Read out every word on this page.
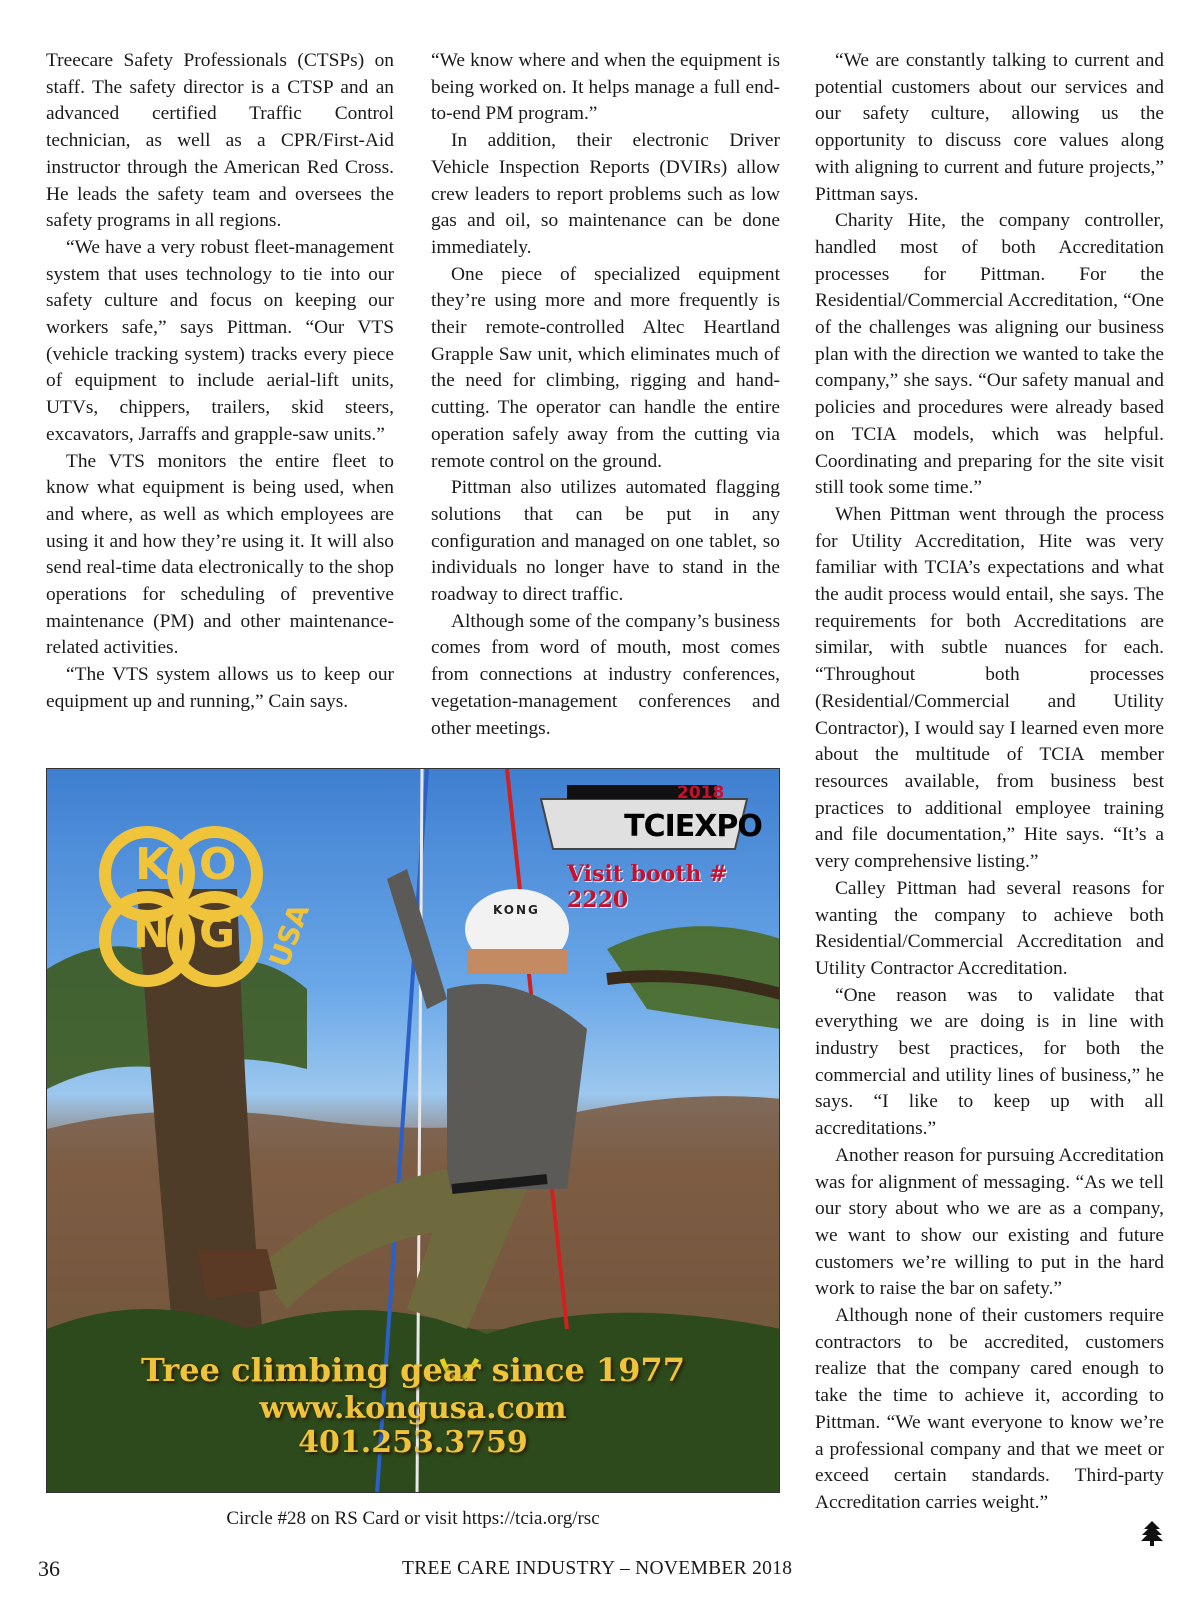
Treecare Safety Professionals (CTSPs) on staff. The safety director is a CTSP and an advanced certified Traffic Control technician, as well as a CPR/First-Aid instructor through the American Red Cross. He leads the safety team and oversees the safety programs in all regions.

“We have a very robust fleet-management system that uses technology to tie into our safety culture and focus on keeping our workers safe,” says Pittman. “Our VTS (vehicle tracking system) tracks every piece of equipment to include aerial-lift units, UTVs, chippers, trailers, skid steers, excavators, Jarraffs and grapple-saw units.”

The VTS monitors the entire fleet to know what equipment is being used, when and where, as well as which employees are using it and how they’re using it. It will also send real-time data electronically to the shop operations for scheduling of preventive maintenance (PM) and other maintenance-related activities.

“The VTS system allows us to keep our equipment up and running,” Cain says.

“We know where and when the equipment is being worked on. It helps manage a full end-to-end PM program.”

In addition, their electronic Driver Vehicle Inspection Reports (DVIRs) allow crew leaders to report problems such as low gas and oil, so maintenance can be done immediately.

One piece of specialized equipment they’re using more and more frequently is their remote-controlled Altec Heartland Grapple Saw unit, which eliminates much of the need for climbing, rigging and hand-cutting. The operator can handle the entire operation safely away from the cutting via remote control on the ground.

Pittman also utilizes automated flagging solutions that can be put in any configuration and managed on one tablet, so individuals no longer have to stand in the roadway to direct traffic.

Although some of the company’s business comes from word of mouth, most comes from connections at industry conferences, vegetation-management conferences and other meetings.

“We are constantly talking to current and potential customers about our services and our safety culture, allowing us the opportunity to discuss core values along with aligning to current and future projects,” Pittman says.

Charity Hite, the company controller, handled most of both Accreditation processes for Pittman. For the Residential/Commercial Accreditation, “One of the challenges was aligning our business plan with the direction we wanted to take the company,” she says. “Our safety manual and policies and procedures were already based on TCIA models, which was helpful. Coordinating and preparing for the site visit still took some time.”

When Pittman went through the process for Utility Accreditation, Hite was very familiar with TCIA’s expectations and what the audit process would entail, she says. The requirements for both Accreditations are similar, with subtle nuances for each. “Throughout both processes (Residential/Commercial and Utility Contractor), I would say I learned even more about the multitude of TCIA member resources available, from business best practices to additional employee training and file documentation,” Hite says. “It’s a very comprehensive listing.”

Calley Pittman had several reasons for wanting the company to achieve both Residential/Commercial Accreditation and Utility Contractor Accreditation.

“One reason was to validate that everything we are doing is in line with industry best practices, for both the commercial and utility lines of business,” he says. “I like to keep up with all accreditations.”

Another reason for pursuing Accreditation was for alignment of messaging. “As we tell our story about who we are as a company, we want to show our existing and future customers we’re willing to put in the hard work to raise the bar on safety.”

Although none of their customers require contractors to be accredited, customers realize that the company cared enough to take the time to achieve it, according to Pittman. “We want everyone to know we’re a professional company and that we meet or exceed certain standards. Third-party Accreditation carries weight.”

2018
TCIEXPO
Visit booth # 2220
K O
N G USA	KONG
Tree climbing gear since 1977
www.kongusa.com
401.253.3759
Circle #28 on RS Card or visit https://tcia.org/rsc
36	TREE CARE INDUSTRY – NOVEMBER 2018
